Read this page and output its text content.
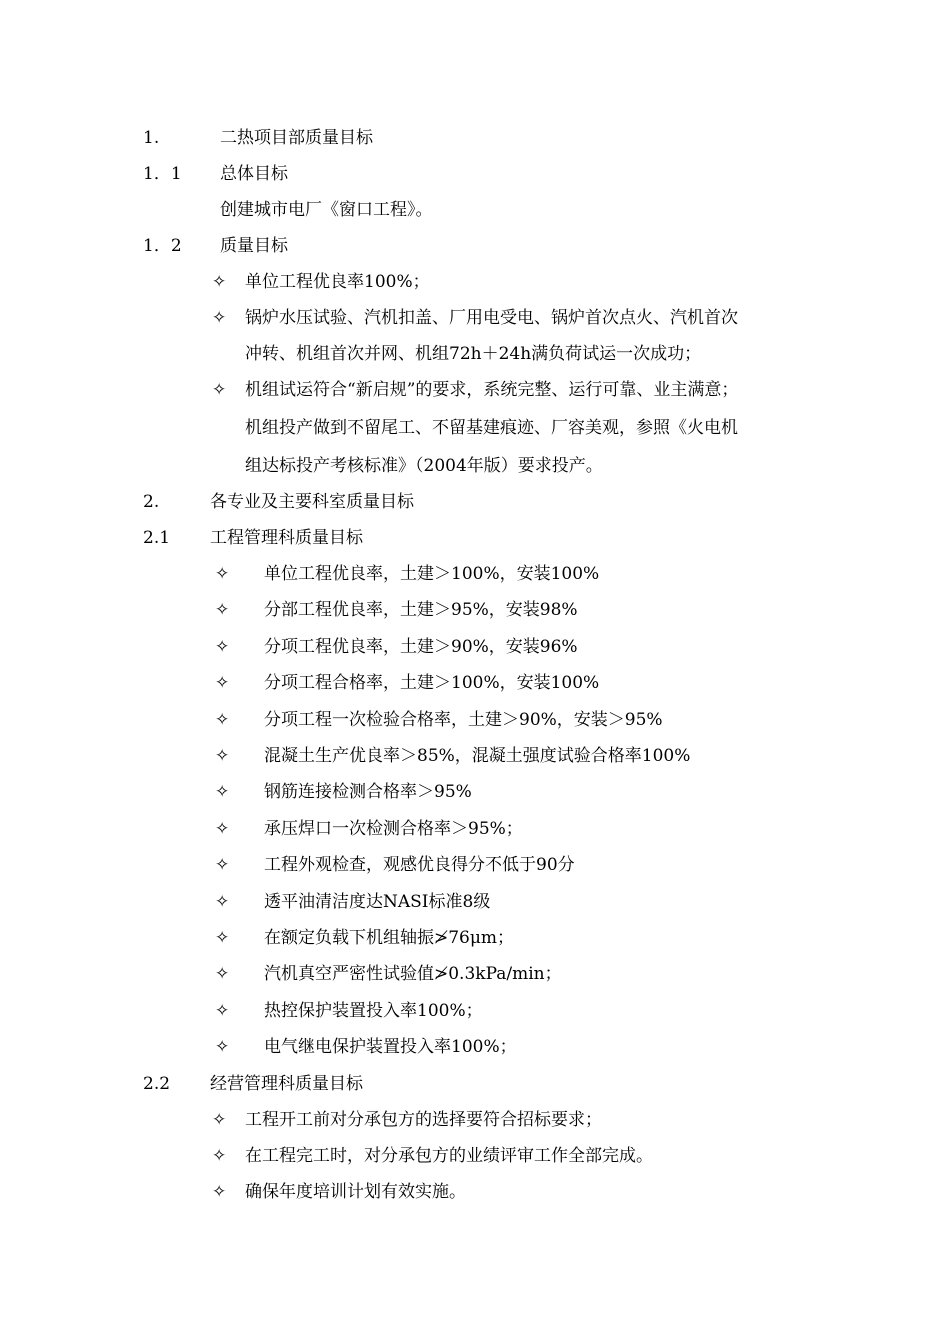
1.	二热项目部质量目标
1．1 总体目标
创建城市电厂《窗口工程》。
1．2 质量目标
✧ 单位工程优良率100%；
✧ 锅炉水压试验、汽机扣盖、厂用电受电、锅炉首次点火、汽机首次
冲转、机组首次并网、机组72h＋24h满负荷试运一次成功；
✧ 机组试运符合“新启规”的要求，系统完整、运行可靠、业主满意；
机组投产做到不留尾工、不留基建痕迹、厂容美观，参照《火电机
组达标投产考核标准》（2004年版）要求投产。
2.	各专业及主要科室质量目标
2.1 工程管理科质量目标
✧ 单位工程优良率，土建＞100%，安装100%
✧ 分部工程优良率，土建＞95%，安装98%
✧ 分项工程优良率，土建＞90%，安装96%
✧ 分项工程合格率，土建＞100%，安装100%
✧ 分项工程一次检验合格率，土建＞90%，安装＞95%
✧ 混凝土生产优良率＞85%，混凝土强度试验合格率100%
✧ 钢筋连接检测合格率＞95%
✧ 承压焊口一次检测合格率＞95%；
✧ 工程外观检查，观感优良得分不低于90分
✧ 透平油清洁度达NASI标准8级
✧ 在额定负载下机组轴振≯76μm；
✧ 汽机真空严密性试验值≯0.3kPa/min；
✧ 热控保护装置投入率100%；
✧ 电气继电保护装置投入率100%；
2.2 经营管理科质量目标
✧ 工程开工前对分承包方的选择要符合招标要求；
✧ 在工程完工时，对分承包方的业绩评审工作全部完成。
✧ 确保年度培训计划有效实施。
